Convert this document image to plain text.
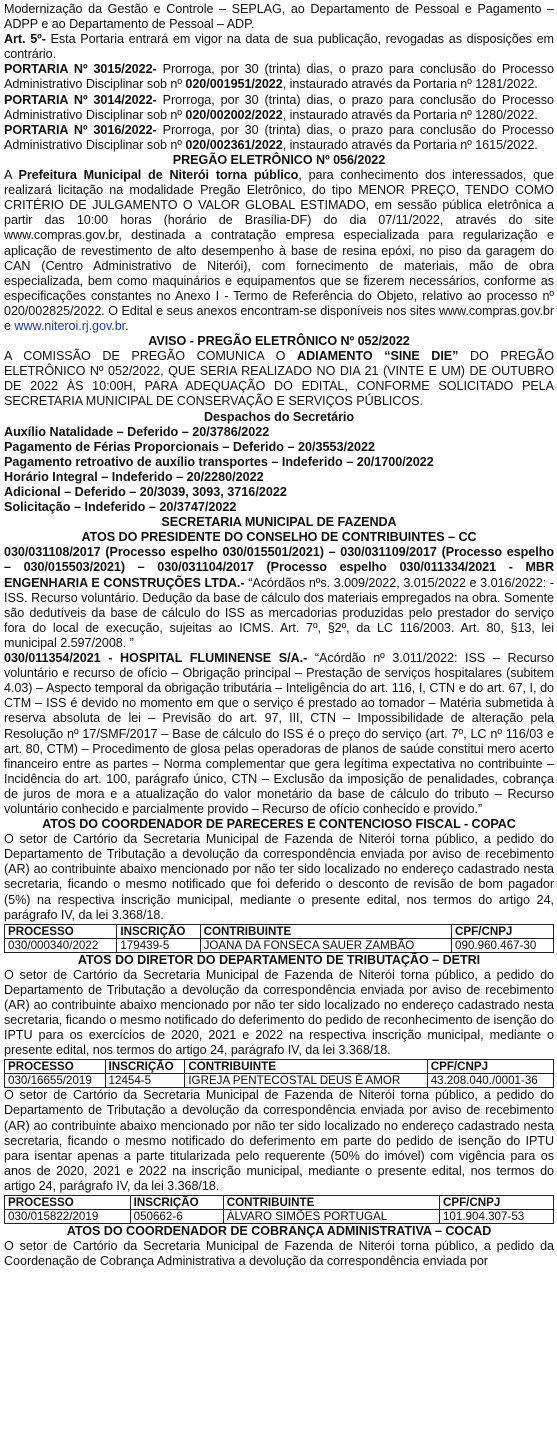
Modernização da Gestão e Controle – SEPLAG, ao Departamento de Pessoal e Pagamento – ADPP e ao Departamento de Pessoal – ADP.

Art. 5º- Esta Portaria entrará em vigor na data de sua publicação, revogadas as disposições em contrário.

PORTARIA Nº 3015/2022- Prorroga, por 30 (trinta) dias, o prazo para conclusão do Processo Administrativo Disciplinar sob nº 020/001951/2022, instaurado através da Portaria nº 1281/2022.

PORTARIA Nº 3014/2022- Prorroga, por 30 (trinta) dias, o prazo para conclusão do Processo Administrativo Disciplinar sob nº 020/002002/2022, instaurado através da Portaria nº 1280/2022.

PORTARIA Nº 3016/2022- Prorroga, por 30 (trinta) dias, o prazo para conclusão do Processo Administrativo Disciplinar sob nº 020/002361/2022, instaurado através da Portaria nº 1615/2022.

PREGÃO ELETRÔNICO Nº 056/2022

A Prefeitura Municipal de Niterói torna público, para conhecimento dos interessados, que realizará licitação na modalidade Pregão Eletrônico, do tipo MENOR PREÇO, TENDO COMO CRITÉRIO DE JULGAMENTO O VALOR GLOBAL ESTIMADO, em sessão pública eletrônica a partir das 10:00 horas (horário de Brasília-DF) do dia 07/11/2022, através do site www.compras.gov.br, destinada a contratação empresa especializada para regularização e aplicação de revestimento de alto desempenho à base de resina epóxi, no piso da garagem do CAN (Centro Administrativo de Niterói), com fornecimento de materiais, mão de obra especializada, bem como maquinários e equipamentos que se fizerem necessários, conforme as especificações constantes no Anexo I - Termo de Referência do Objeto, relativo ao processo nº 020/002825/2022. O Edital e seus anexos encontram-se disponíveis nos sites www.compras.gov.br e www.niteroi.rj.gov.br.

AVISO - PREGÃO ELETRÔNICO Nº 052/2022

A COMISSÃO DE PREGÃO COMUNICA O ADIAMENTO “SINE DIE” DO PREGÃO ELETRÔNICO Nº 052/2022, QUE SERIA REALIZADO NO DIA 21 (VINTE E UM) DE OUTUBRO DE 2022 ÀS 10:00H, PARA ADEQUAÇÃO DO EDITAL, CONFORME SOLICITADO PELA SECRETARIA MUNICIPAL DE CONSERVAÇÃO E SERVIÇOS PÚBLICOS.

Despachos do Secretário

Auxílio Natalidade – Deferido – 20/3786/2022
Pagamento de Férias Proporcionais – Deferido – 20/3553/2022
Pagamento retroativo de auxílio transportes – Indeferido – 20/1700/2022
Horário Integral – Indeferido – 20/2280/2022
Adicional – Deferido – 20/3039, 3093, 3716/2022
Solicitação – Indeferido – 20/3747/2022

SECRETARIA MUNICIPAL DE FAZENDA

ATOS DO PRESIDENTE DO CONSELHO DE CONTRIBUINTES – CC

030/031108/2017 (Processo espelho 030/015501/2021) – 030/031109/2017 (Processo espelho – 030/015503/2021) – 030/031104/2017 (Processo espelho 030/011334/2021 - MBR ENGENHARIA E CONSTRUÇÕES LTDA.- “Acórdãos nºs. 3.009/2022, 3.015/2022 e 3.016/2022: - ISS. Recurso voluntário. Dedução da base de cálculo dos materiais empregados na obra. Somente são dedutíveis da base de cálculo do ISS as mercadorias produzidas pelo prestador do serviço fora do local de execução, sujeitas ao ICMS. Art. 7º, §2º, da LC 116/2003. Art. 80, §13, lei municipal 2.597/2008. ”

030/011354/2021 - HOSPITAL FLUMINENSE S/A.- “Acórdão nº 3.011/2022: ISS – Recurso voluntário e recurso de ofício – Obrigação principal – Prestação de serviços hospitalares (subitem 4.03) – Aspecto temporal da obrigação tributária – Inteligência do art. 116, I, CTN e do art. 67, I, do CTM – ISS é devido no momento em que o serviço é prestado ao tomador – Matéria submetida à reserva absoluta de lei – Previsão do art. 97, III, CTN – Impossibilidade de alteração pela Resolução nº 17/SMF/2017 – Base de cálculo do ISS é o preço do serviço (art. 7º, LC nº 116/03 e art. 80, CTM) – Procedimento de glosa pelas operadoras de planos de saúde constitui mero acerto financeiro entre as partes – Norma complementar que gera legítima expectativa no contribuinte – Incidência do art. 100, parágrafo único, CTN – Exclusão da imposição de penalidades, cobrança de juros de mora e a atualização do valor monetário da base de cálculo do tributo – Recurso voluntário conhecido e parcialmente provido – Recurso de ofício conhecido e provido.”

ATOS DO COORDENADOR DE PARECERES E CONTENCIOSO FISCAL - COPAC

O setor de Cartório da Secretaria Municipal de Fazenda de Niterói torna público, a pedido do Departamento de Tributação a devolução da correspondência enviada por aviso de recebimento (AR) ao contribuinte abaixo mencionado por não ter sido localizado no endereço cadastrado nesta secretaria, ficando o mesmo notificado que foi deferido o desconto de revisão de bom pagador (5%) na respectiva inscrição municipal, mediante o presente edital, nos termos do artigo 24, parágrafo IV, da lei 3.368/18.

PROCESSO	INSCRIÇÃO	CONTRIBUINTE	CPF/CNPJ
030/000340/2022	179439-5	JOANA DA FONSECA SAUER ZAMBÃO	090.960.467-30

ATOS DO DIRETOR DO DEPARTAMENTO DE TRIBUTAÇÃO – DETRI

O setor de Cartório da Secretaria Municipal de Fazenda de Niterói torna público, a pedido do Departamento de Tributação a devolução da correspondência enviada por aviso de recebimento (AR) ao contribuinte abaixo mencionado por não ter sido localizado no endereço cadastrado nesta secretaria, ficando o mesmo notificado do deferimento do pedido de reconhecimento de isenção do IPTU para os exercícios de 2020, 2021 e 2022 na respectiva inscrição municipal, mediante o presente edital, nos termos do artigo 24, parágrafo IV, da lei 3.368/18.

PROCESSO	INSCRIÇÃO	CONTRIBUINTE	CPF/CNPJ
030/16655/2019	12454-5	IGREJA PENTECOSTAL DEUS É AMOR	43.208.040./0001-36

O setor de Cartório da Secretaria Municipal de Fazenda de Niterói torna público, a pedido do Departamento de Tributação a devolução da correspondência enviada por aviso de recebimento (AR) ao contribuinte abaixo mencionado por não ter sido localizado no endereço cadastrado nesta secretaria, ficando o mesmo notificado do deferimento em parte do pedido de isenção do IPTU para isentar apenas a parte titularizada pelo requerente (50% do imóvel) com vigência para os anos de 2020, 2021 e 2022 na inscrição municipal, mediante o presente edital, nos termos do artigo 24, parágrafo IV, da lei 3.368/18.

PROCESSO	INSCRIÇÃO	CONTRIBUINTE	CPF/CNPJ
030/015822/2019	050662-6	ÁLVARO SIMÕES PORTUGAL	101.904.307-53

ATOS DO COORDENADOR DE COBRANÇA ADMINISTRATIVA – COCAD

O setor de Cartório da Secretaria Municipal de Fazenda de Niterói torna público, a pedido da Coordenação de Cobrança Administrativa a devolução da correspondência enviada por
